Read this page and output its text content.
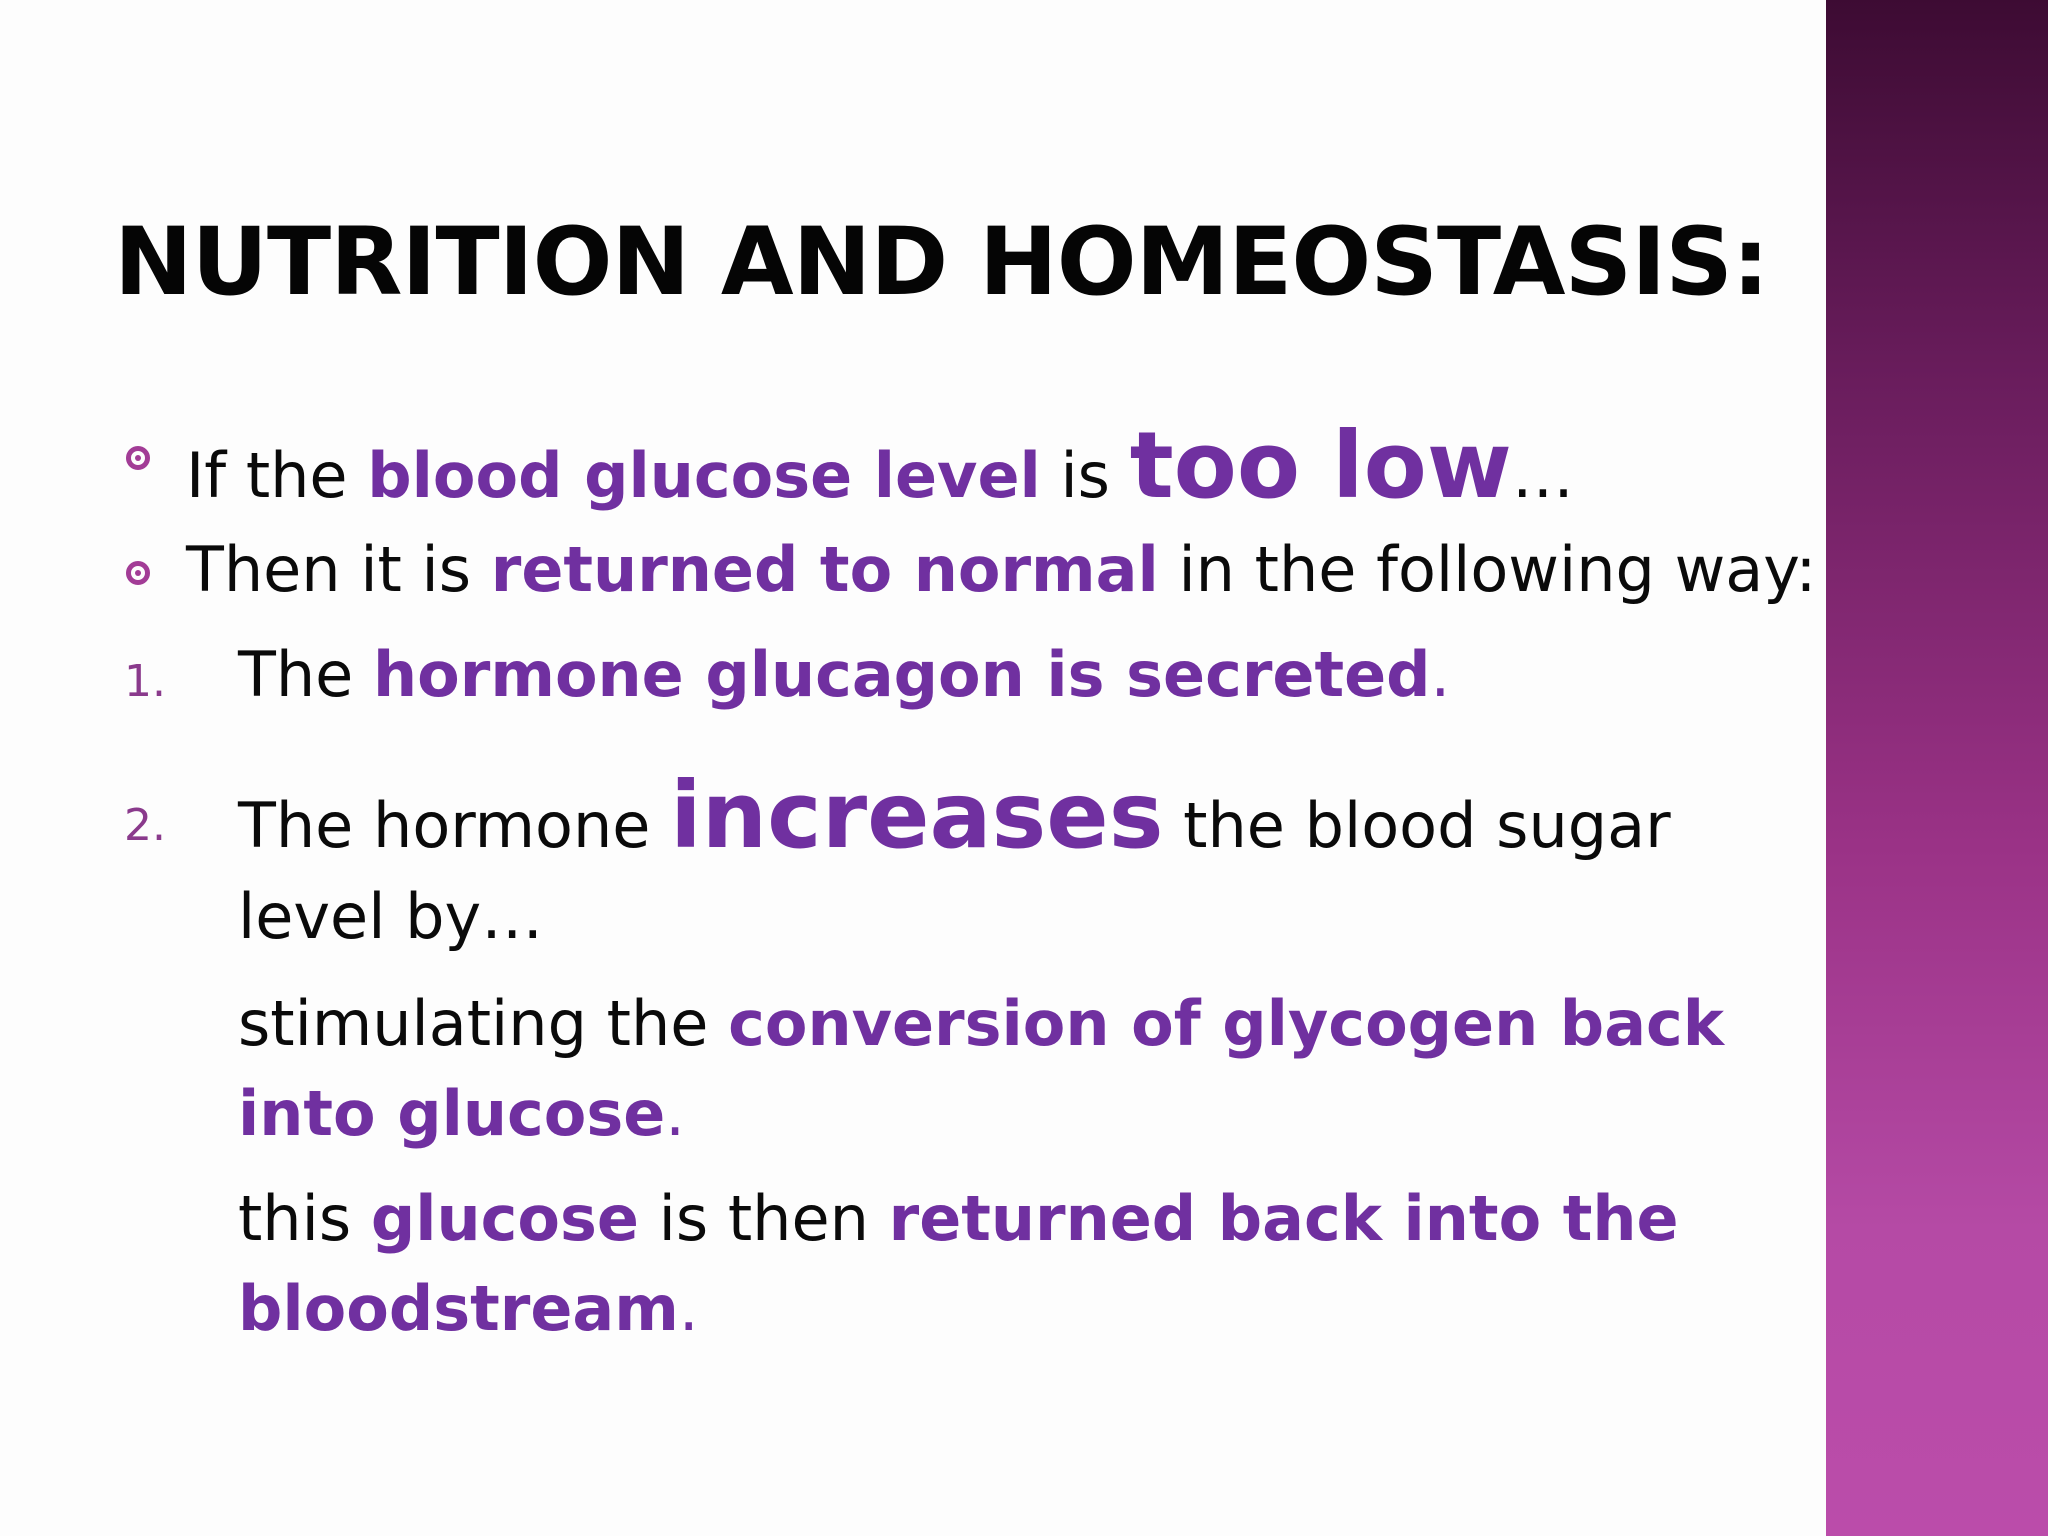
NUTRITION AND HOMEOSTASIS:
If the blood glucose level is too low…
Then it is returned to normal in the following way:
1. The hormone glucagon is secreted.
2. The hormone increases the blood sugar
level by…
stimulating the conversion of glycogen back
into glucose.
this glucose is then returned back into the
bloodstream.
